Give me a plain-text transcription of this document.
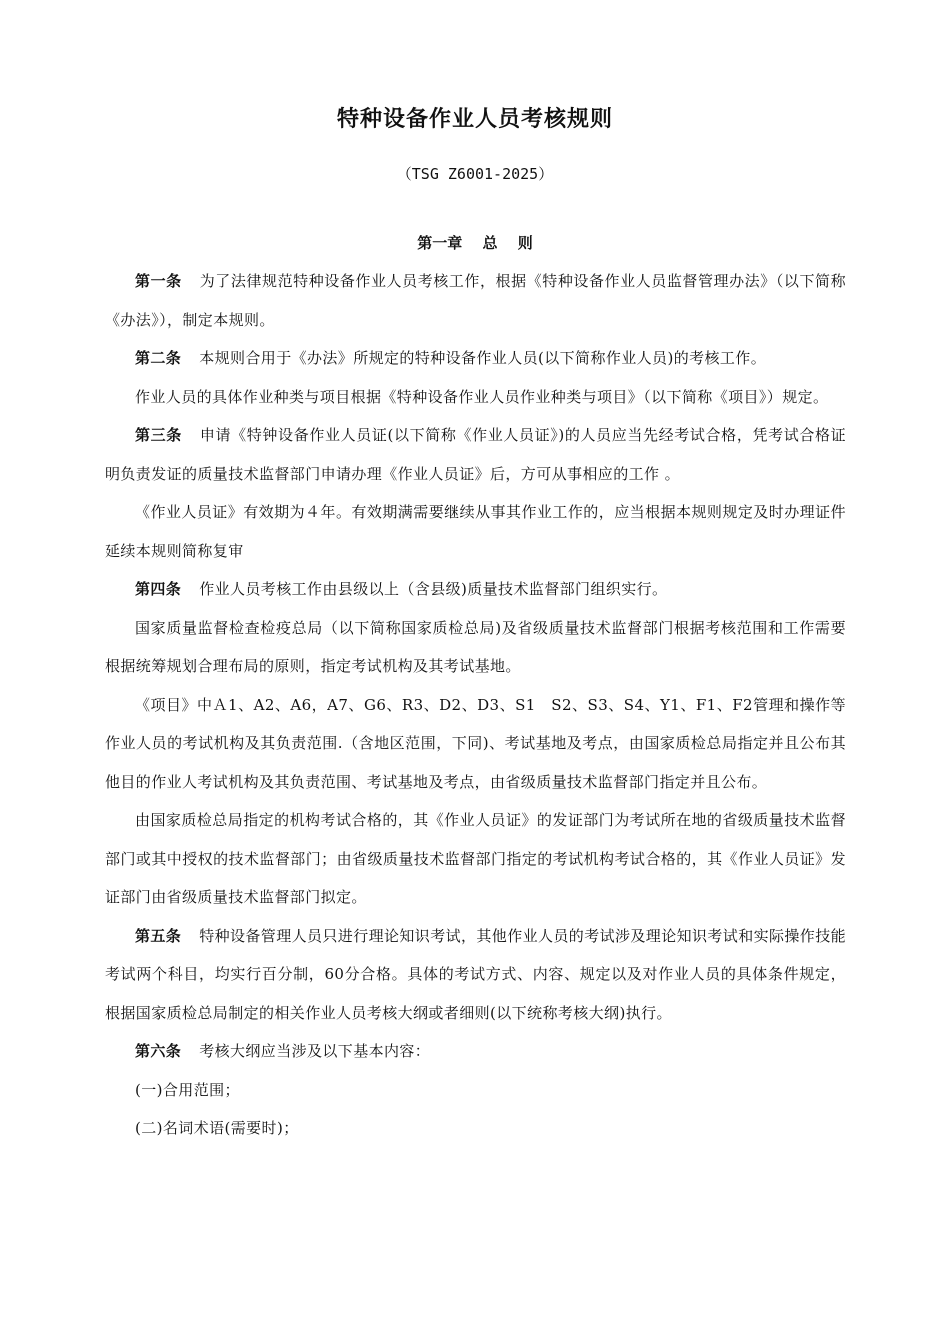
特种设备作业人员考核规则
（TSG Z6001-2025）
第一章　 总　 则

第一条 为了法律规范特种设备作业人员考核工作，根据《特种设备作业人员监督管理办法》（以下简称《办法》），制定本规则。

第二条 本规则合用于《办法》所规定的特种设备作业人员(以下简称作业人员)的考核工作。

作业人员的具体作业种类与项目根据《特种设备作业人员作业种类与项目》（以下简称《项目》）规定。

第三条 申请《特钟设备作业人员证(以下简称《作业人员证》)的人员应当先经考试合格，凭考试合格证明负责发证的质量技术监督部门申请办理《作业人员证》后，方可从事相应的工作 。

《作业人员证》有效期为４年。有效期满需要继续从事其作业工作的，应当根据本规则规定及时办理证件延续本规则简称复审

第四条 作业人员考核工作由县级以上（含县级)质量技术监督部门组织实行。

国家质量监督检查检疫总局（以下简称国家质检总局)及省级质量技术监督部门根据考核范围和工作需要根据统筹规划合理布局的原则，指定考试机构及其考试基地。

《项目》中Ａ1、A2、A6，A7、G6、R3、D2、D3、S1　S2、S3、S4、Y1、F1、F2管理和操作等作业人员的考试机构及其负责范围.（含地区范围，下同)、考试基地及考点，由国家质检总局指定并且公布其他目的作业人考试机构及其负责范围、考试基地及考点，由省级质量技术监督部门指定并且公布。

由国家质检总局指定的机构考试合格的，其《作业人员证》的发证部门为考试所在地的省级质量技术监督部门或其中授权的技术监督部门；由省级质量技术监督部门指定的考试机构考试合格的，其《作业人员证》发证部门由省级质量技术监督部门拟定。

第五条 特种设备管理人员只进行理论知识考试，其他作业人员的考试涉及理论知识考试和实际操作技能考试两个科目，均实行百分制，60分合格。具体的考试方式、内容、规定以及对作业人员的具体条件规定，根据国家质检总局制定的相关作业人员考核大纲或者细则(以下统称考核大纲)执行。

第六条 考核大纲应当涉及以下基本内容：

(一)合用范围；

(二)名词术语(需要时)；
